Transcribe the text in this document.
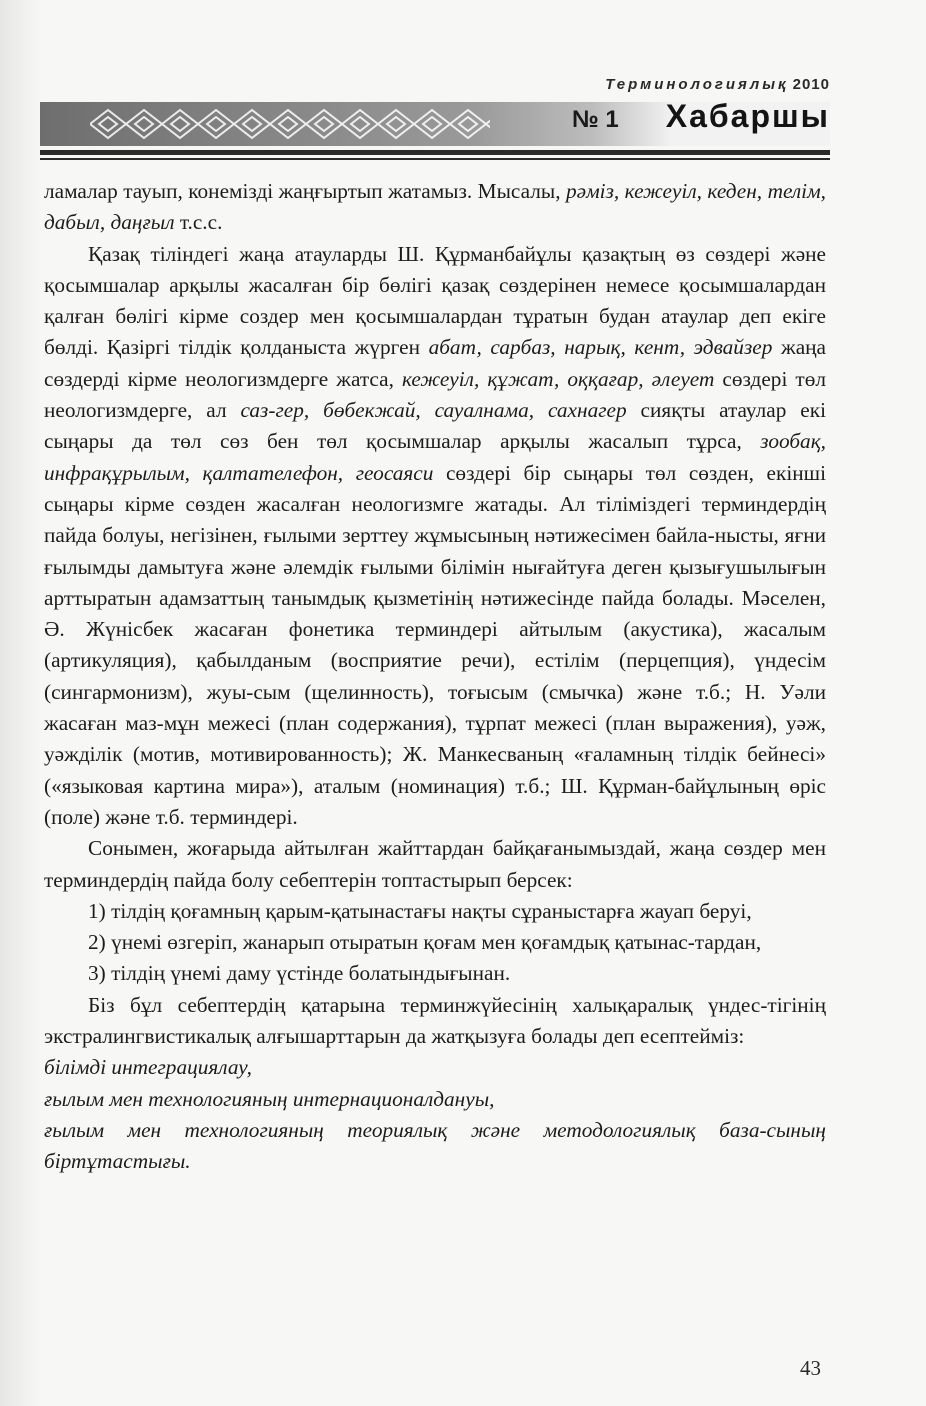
Терминологиялық 2010
№ 1 Хабаршы

ламалар тауып, конемізді жаңғыртып жатамыз. Мысалы, рәміз, кежеуіл, кеден, телім, дабыл, даңғыл т.с.с.

Қазақ тіліндегі жаңа атауларды Ш. Құрманбайұлы қазақтың өз сөздері және қосымшалар арқылы жасалған бір бөлігі қазақ сөздерінен немесе қосымшалардан қалған бөлігі кірме создер мен қосымшалардан тұратын будан атаулар деп екіге бөлді. Қазіргі тілдік қолданыста жүрген абат, сарбаз, нарық, кент, эдвайзер жаңа сөздерді кірме неологизмдерге жатса, кежеуіл, құжат, оққағар, әлеует сөздері төл неологизмдерге, ал саз-гер, бөбекжай, сауалнама, сахнагер сияқты атаулар екі сыңары да төл сөз бен төл қосымшалар арқылы жасалып тұрса, зообақ, инфрақұрылым, қалтателефон, геосаяси сөздері бір сыңары төл сөзден, екінші сыңары кірме сөзден жасалған неологизмге жатады. Ал тіліміздегі терминдердің пайда болуы, негізінен, ғылыми зерттеу жұмысының нәтижесімен байла-нысты, яғни ғылымды дамытуға және әлемдік ғылыми білімін нығайтуға деген қызығушылығын арттыратын адамзаттың танымдық қызметінің нәтижесінде пайда болады. Мәселен, Ә. Жүнісбек жасаған фонетика терминдері айтылым (акустика), жасалым (артикуляция), қабылданым (восприятие речи), естілім (перцепция), үндесім (сингармонизм), жуы-сым (щелинность), тоғысым (смычка) және т.б.; Н. Уәли жасаған маз-мұн межесі (план содержания), тұрпат межесі (план выражения), уәж, уәжділік (мотив, мотивированность); Ж. Манкесваның «ғаламның тілдік бейнесі» («языковая картина мира»), аталым (номинация) т.б.; Ш. Құрман-байұлының өріс (поле) және т.б. терминдері.

Сонымен, жоғарыда айтылған жайттардан байқағанымыздай, жаңа сөздер мен терминдердің пайда болу себептерін топтастырып берсек:

1) тілдің қоғамның қарым-қатынастағы нақты сұраныстарға жауап беруі,

2) үнемі өзгеріп, жанарып отыратын қоғам мен қоғамдық қатынас-тардан,

3) тілдің үнемі даму үстінде болатындығынан.

Біз бұл себептердің қатарына терминжүйесінің халықаралық үндес-тігінің экстралингвистикалық алғышарттарын да жатқызуға болады деп есептейміз:

білімді интеграциялау,

ғылым мен технологияның интернационалдануы,

ғылым мен технологияның теориялық және методологиялық база-сының біртұтастығы.

43
